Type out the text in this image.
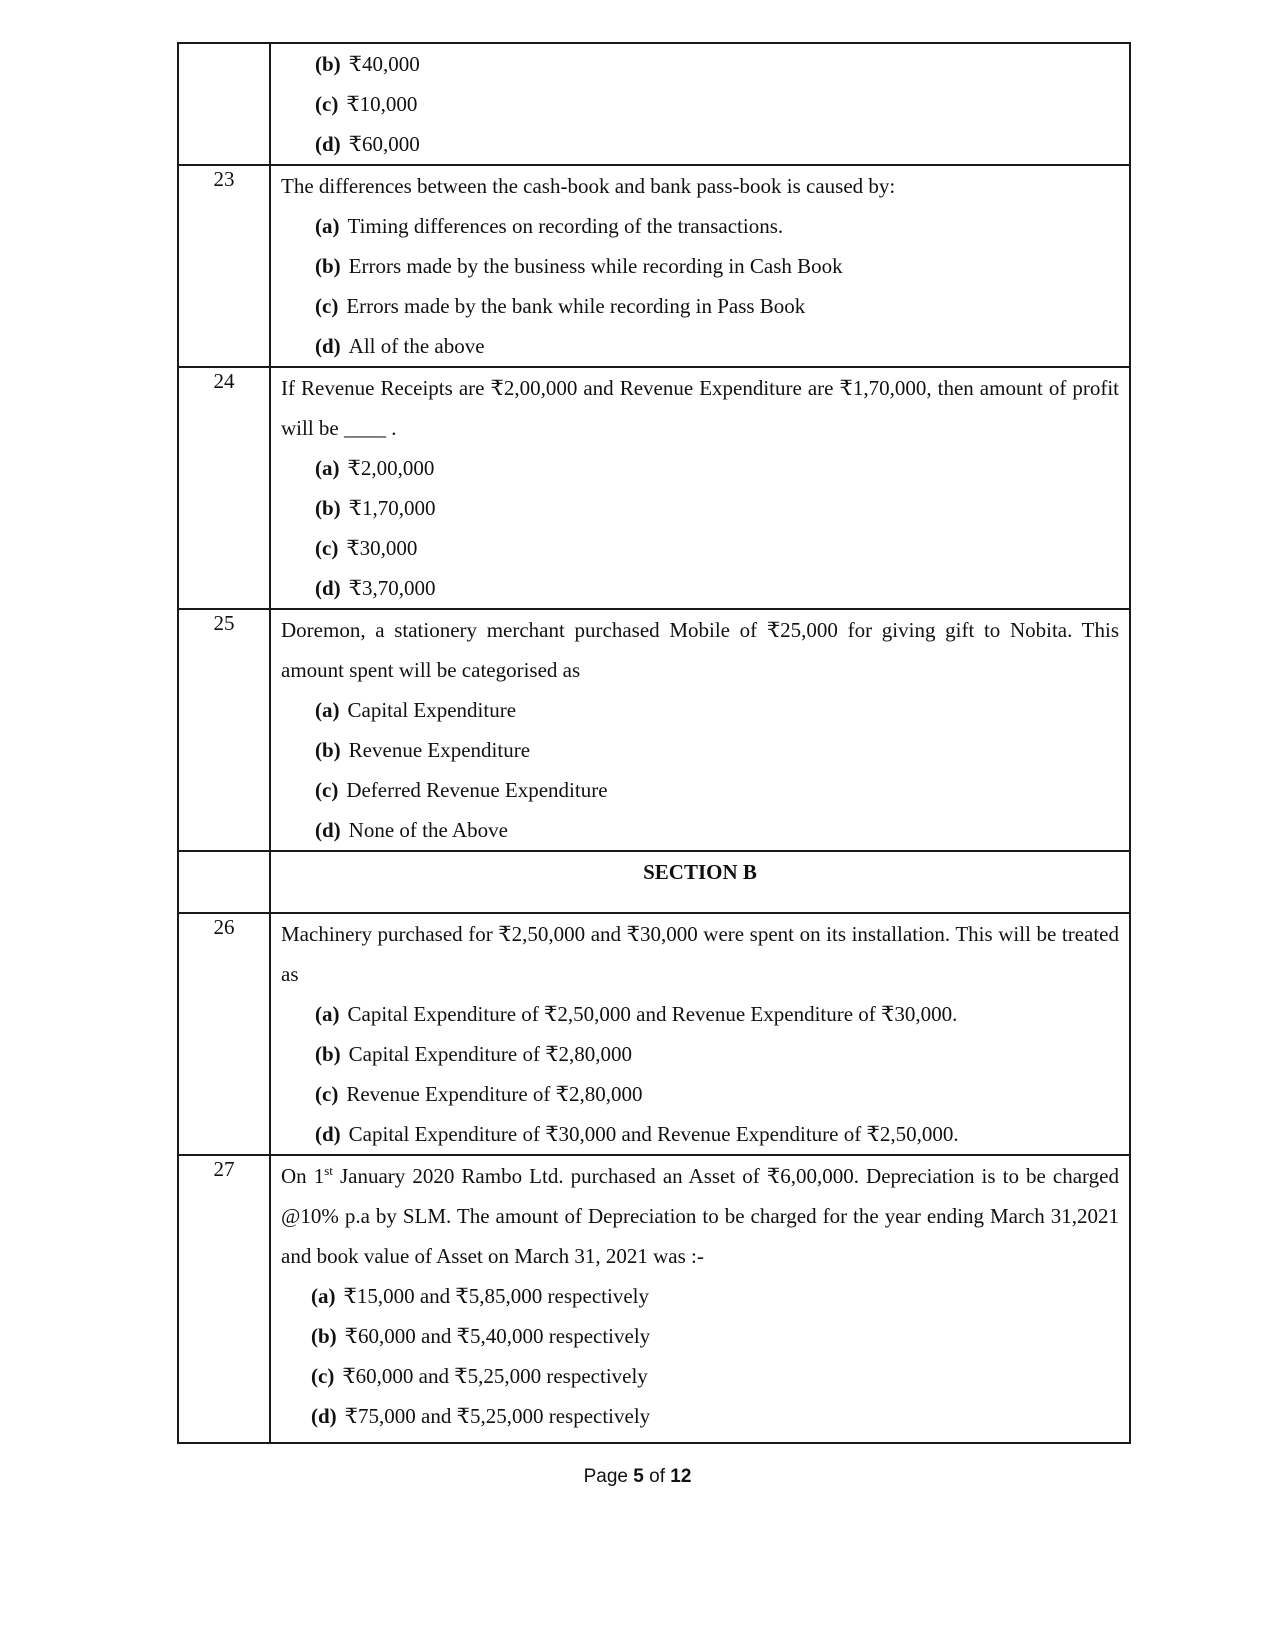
	(b) ₹40,000
(c) ₹10,000
(d) ₹60,000

23	The differences between the cash-book and bank pass-book is caused by:
(a) Timing differences on recording of the transactions.
(b) Errors made by the business while recording in Cash Book
(c) Errors made by the bank while recording in Pass Book
(d) All of the above

24	If Revenue Receipts are ₹2,00,000 and Revenue Expenditure are ₹1,70,000, then amount of profit will be ____ .
(a) ₹2,00,000
(b) ₹1,70,000
(c) ₹30,000
(d) ₹3,70,000

25	Doremon, a stationery merchant purchased Mobile of ₹25,000 for giving gift to Nobita. This amount spent will be categorised as
(a) Capital Expenditure
(b) Revenue Expenditure
(c) Deferred Revenue Expenditure
(d) None of the Above

	SECTION B
26	Machinery purchased for ₹2,50,000 and ₹30,000 were spent on its installation. This will be treated as
(a) Capital Expenditure of ₹2,50,000 and Revenue Expenditure of ₹30,000.
(b) Capital Expenditure of ₹2,80,000
(c) Revenue Expenditure of ₹2,80,000
(d) Capital Expenditure of ₹30,000 and Revenue Expenditure of ₹2,50,000.

27	On 1st January 2020 Rambo Ltd. purchased an Asset of ₹6,00,000. Depreciation is to be charged @10% p.a by SLM. The amount of Depreciation to be charged for the year ending March 31,2021 and book value of Asset on March 31, 2021 was :-
(a) ₹15,000 and ₹5,85,000 respectively
(b) ₹60,000 and ₹5,40,000 respectively
(c) ₹60,000 and ₹5,25,000 respectively
(d) ₹75,000 and ₹5,25,000 respectively
Page 5 of 12
